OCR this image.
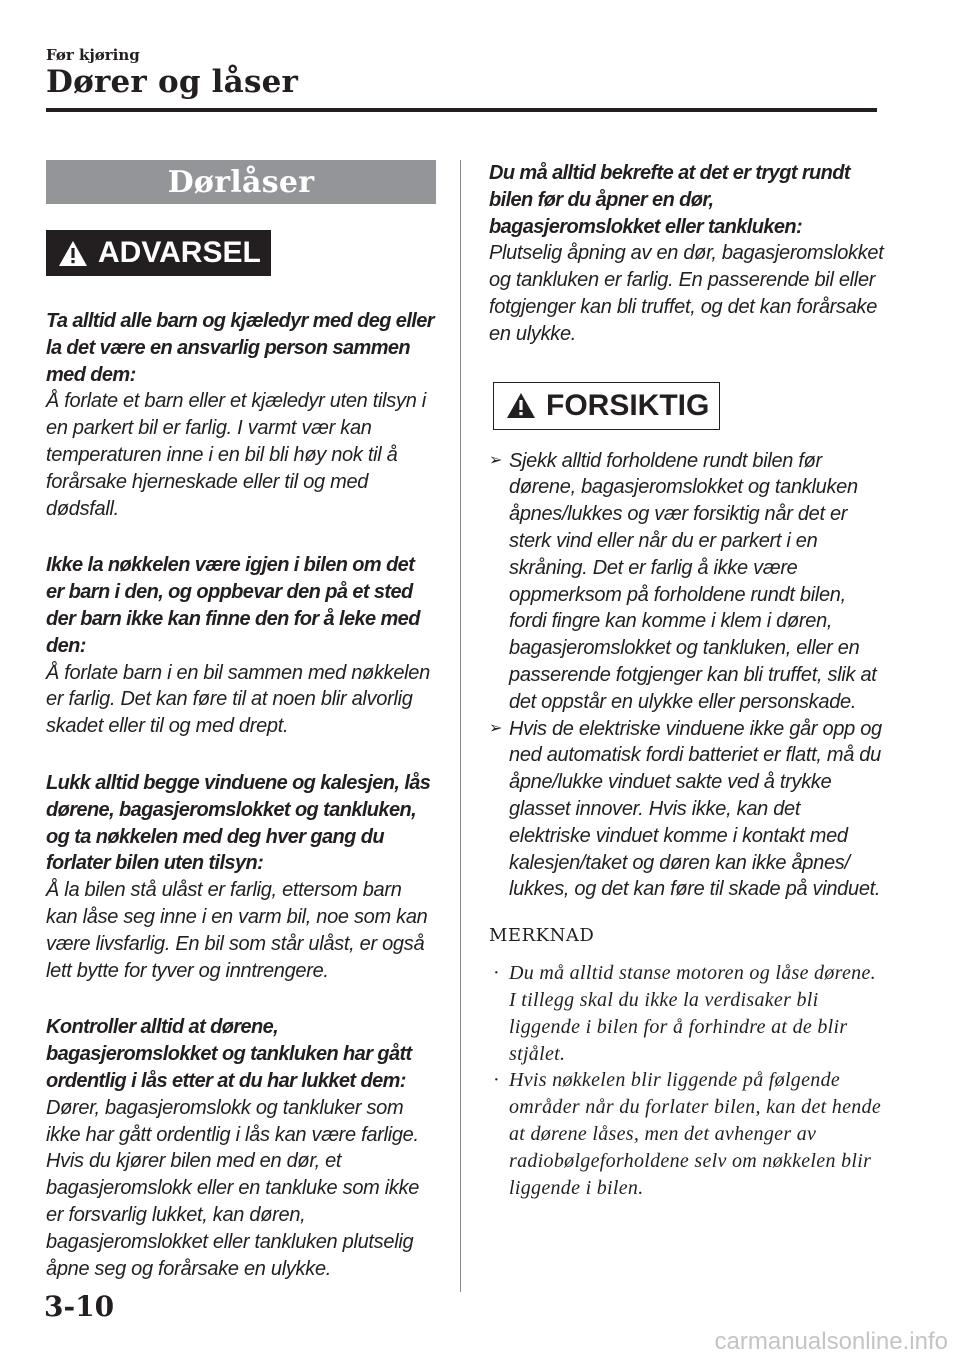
Før kjøring
Dører og låser
Dørlåser
ADVARSEL
Ta alltid alle barn og kjæledyr med deg eller la det være en ansvarlig person sammen med dem:
Å forlate et barn eller et kjæledyr uten tilsyn i en parkert bil er farlig. I varmt vær kan temperaturen inne i en bil bli høy nok til å forårsake hjerneskade eller til og med dødsfall.
Ikke la nøkkelen være igjen i bilen om det er barn i den, og oppbevar den på et sted der barn ikke kan finne den for å leke med den:
Å forlate barn i en bil sammen med nøkkelen er farlig. Det kan føre til at noen blir alvorlig skadet eller til og med drept.
Lukk alltid begge vinduene og kalesjen, lås dørene, bagasjeromslokket og tankluken, og ta nøkkelen med deg hver gang du forlater bilen uten tilsyn:
Å la bilen stå ulåst er farlig, ettersom barn kan låse seg inne i en varm bil, noe som kan være livsfarlig. En bil som står ulåst, er også lett bytte for tyver og inntrengere.
Kontroller alltid at dørene, bagasjeromslokket og tankluken har gått ordentlig i lås etter at du har lukket dem:
Dører, bagasjeromslokk og tankluker som ikke har gått ordentlig i lås kan være farlige. Hvis du kjører bilen med en dør, et bagasjeromslokk eller en tankluke som ikke er forsvarlig lukket, kan døren, bagasjeromslokket eller tankluken plutselig åpne seg og forårsake en ulykke.
Du må alltid bekrefte at det er trygt rundt bilen før du åpner en dør, bagasjeromslokket eller tankluken:
Plutselig åpning av en dør, bagasjeromslokket og tankluken er farlig. En passerende bil eller fotgjenger kan bli truffet, og det kan forårsake en ulykke.
FORSIKTIG
➢ Sjekk alltid forholdene rundt bilen før dørene, bagasjeromslokket og tankluken åpnes/lukkes og vær forsiktig når det er sterk vind eller når du er parkert i en skråning. Det er farlig å ikke være oppmerksom på forholdene rundt bilen, fordi fingre kan komme i klem i døren, bagasjeromslokket og tankluken, eller en passerende fotgjenger kan bli truffet, slik at det oppstår en ulykke eller personskade.
➢ Hvis de elektriske vinduene ikke går opp og ned automatisk fordi batteriet er flatt, må du åpne/lukke vinduet sakte ved å trykke glasset innover. Hvis ikke, kan det elektriske vinduet komme i kontakt med kalesjen/taket og døren kan ikke åpnes/ lukkes, og det kan føre til skade på vinduet.
MERKNAD
· Du må alltid stanse motoren og låse dørene. I tillegg skal du ikke la verdisaker bli liggende i bilen for å forhindre at de blir stjålet.
· Hvis nøkkelen blir liggende på følgende områder når du forlater bilen, kan det hende at dørene låses, men det avhenger av radiobølgeforholdene selv om nøkkelen blir liggende i bilen.
3-10
carmanualsonline.info
